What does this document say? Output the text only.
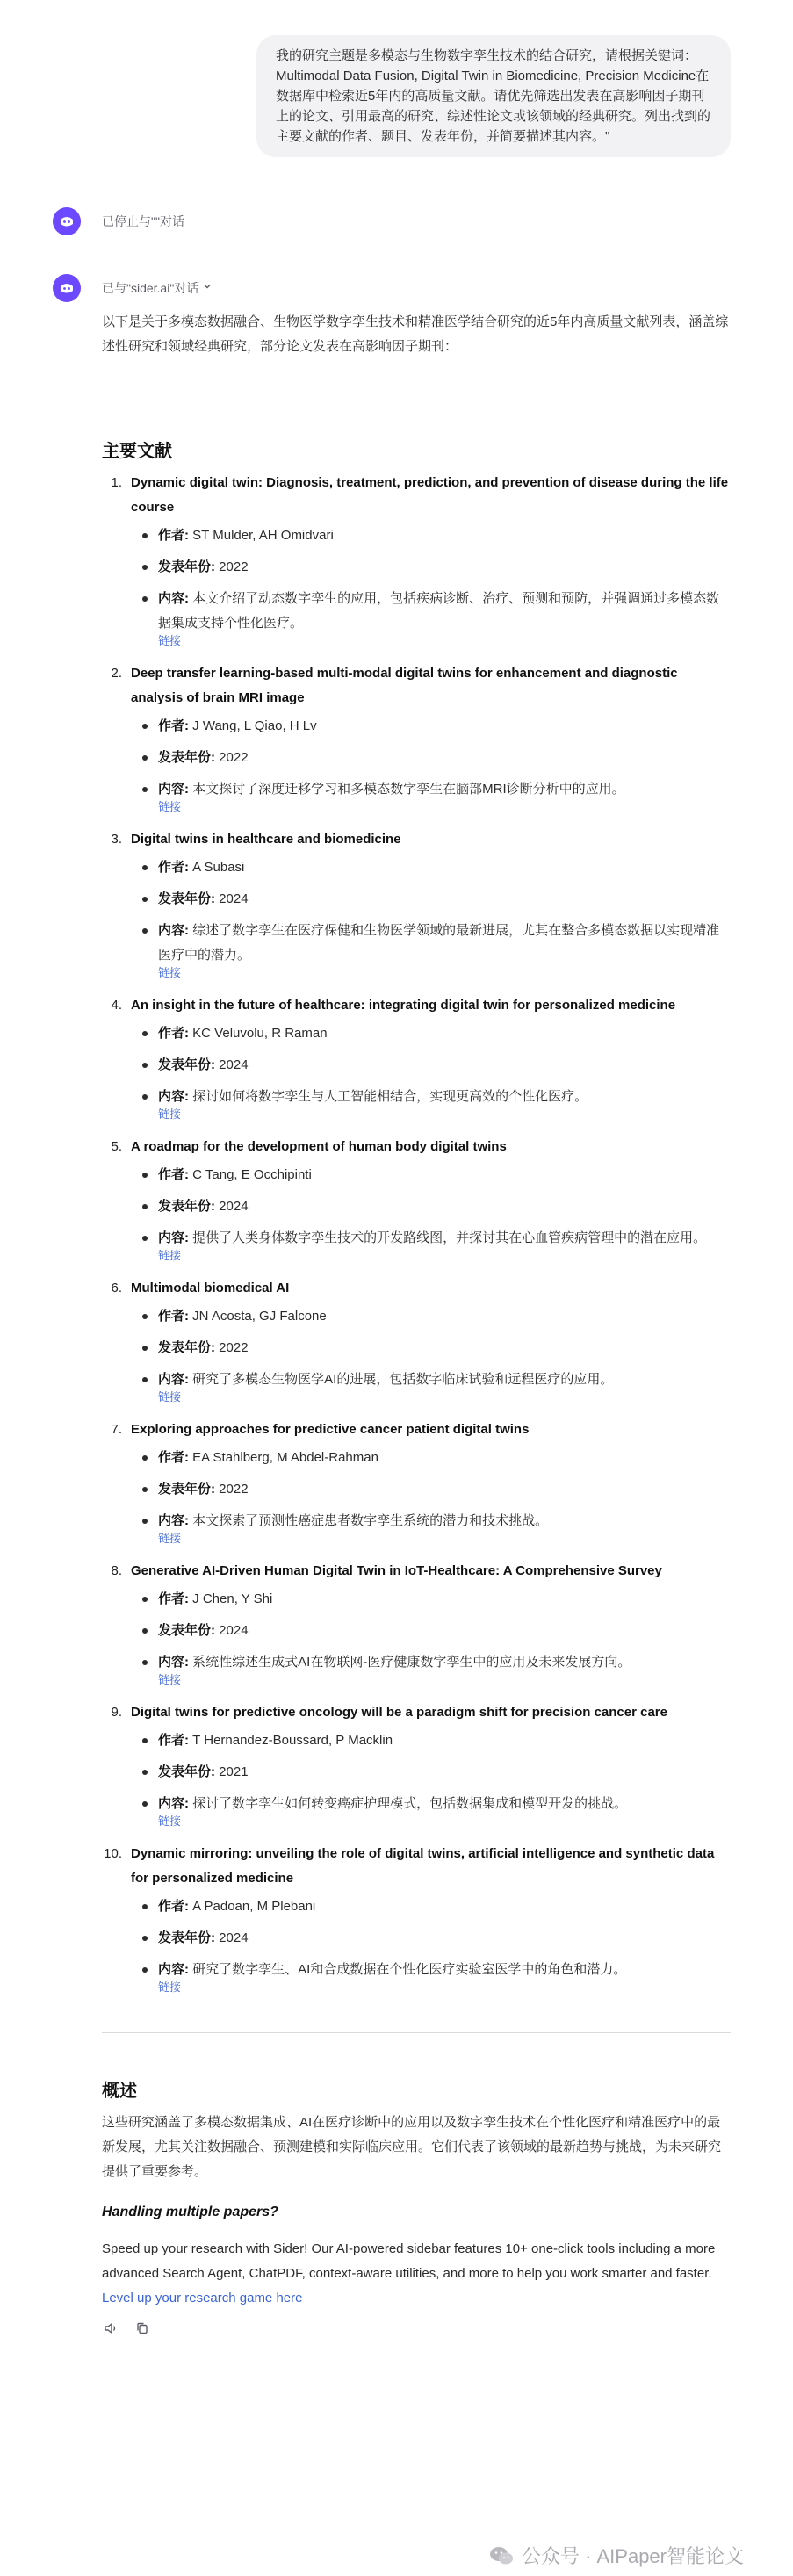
我的研究主题是多模态与生物数字孪生技术的结合研究，请根据关键词：Multimodal Data Fusion, Digital Twin in Biomedicine, Precision Medicine在数据库中检索近5年内的高质量文献。请优先筛选出发表在高影响因子期刊上的论文、引用最高的研究、综述性论文或该领域的经典研究。列出找到的主要文献的作者、题目、发表年份，并简要描述其内容。"
已停止与""对话
已与"sider.ai"对话

以下是关于多模态数据融合、生物医学数字孪生技术和精准医学结合研究的近5年内高质量文献列表，涵盖综述性研究和领域经典研究，部分论文发表在高影响因子期刊：

主要文献
1. Dynamic digital twin: Diagnosis, treatment, prediction, and prevention of disease during the life course
作者: ST Mulder, AH Omidvari
发表年份: 2022
内容: 本文介绍了动态数字孪生的应用，包括疾病诊断、治疗、预测和预防，并强调通过多模态数据集成支持个性化医疗。
链接
2. Deep transfer learning-based multi-modal digital twins for enhancement and diagnostic analysis of brain MRI image
作者: J Wang, L Qiao, H Lv
发表年份: 2022
内容: 本文探讨了深度迁移学习和多模态数字孪生在脑部MRI诊断分析中的应用。
链接
3. Digital twins in healthcare and biomedicine
作者: A Subasi
发表年份: 2024
内容: 综述了数字孪生在医疗保健和生物医学领域的最新进展，尤其在整合多模态数据以实现精准医疗中的潜力。
链接
4. An insight in the future of healthcare: integrating digital twin for personalized medicine
作者: KC Veluvolu, R Raman
发表年份: 2024
内容: 探讨如何将数字孪生与人工智能相结合，实现更高效的个性化医疗。
链接
5. A roadmap for the development of human body digital twins
作者: C Tang, E Occhipinti
发表年份: 2024
内容: 提供了人类身体数字孪生技术的开发路线图，并探讨其在心血管疾病管理中的潜在应用。
链接
6. Multimodal biomedical AI
作者: JN Acosta, GJ Falcone
发表年份: 2022
内容: 研究了多模态生物医学AI的进展，包括数字临床试验和远程医疗的应用。
链接
7. Exploring approaches for predictive cancer patient digital twins
作者: EA Stahlberg, M Abdel-Rahman
发表年份: 2022
内容: 本文探索了预测性癌症患者数字孪生系统的潜力和技术挑战。
链接
8. Generative AI-Driven Human Digital Twin in IoT-Healthcare: A Comprehensive Survey
作者: J Chen, Y Shi
发表年份: 2024
内容: 系统性综述生成式AI在物联网-医疗健康数字孪生中的应用及未来发展方向。
链接
9. Digital twins for predictive oncology will be a paradigm shift for precision cancer care
作者: T Hernandez-Boussard, P Macklin
发表年份: 2021
内容: 探讨了数字孪生如何转变癌症护理模式，包括数据集成和模型开发的挑战。
链接
10. Dynamic mirroring: unveiling the role of digital twins, artificial intelligence and synthetic data for personalized medicine
作者: A Padoan, M Plebani
发表年份: 2024
内容: 研究了数字孪生、AI和合成数据在个性化医疗实验室医学中的角色和潜力。
链接
概述

这些研究涵盖了多模态数据集成、AI在医疗诊断中的应用以及数字孪生技术在个性化医疗和精准医疗中的最新发展，尤其关注数据融合、预测建模和实际临床应用。它们代表了该领域的最新趋势与挑战，为未来研究提供了重要参考。

Handling multiple papers?

Speed up your research with Sider! Our AI-powered sidebar features 10+ one-click tools including a more advanced Search Agent, ChatPDF, context-aware utilities, and more to help you work smarter and faster. Level up your research game here

公众号 · AIPaper智能论文
